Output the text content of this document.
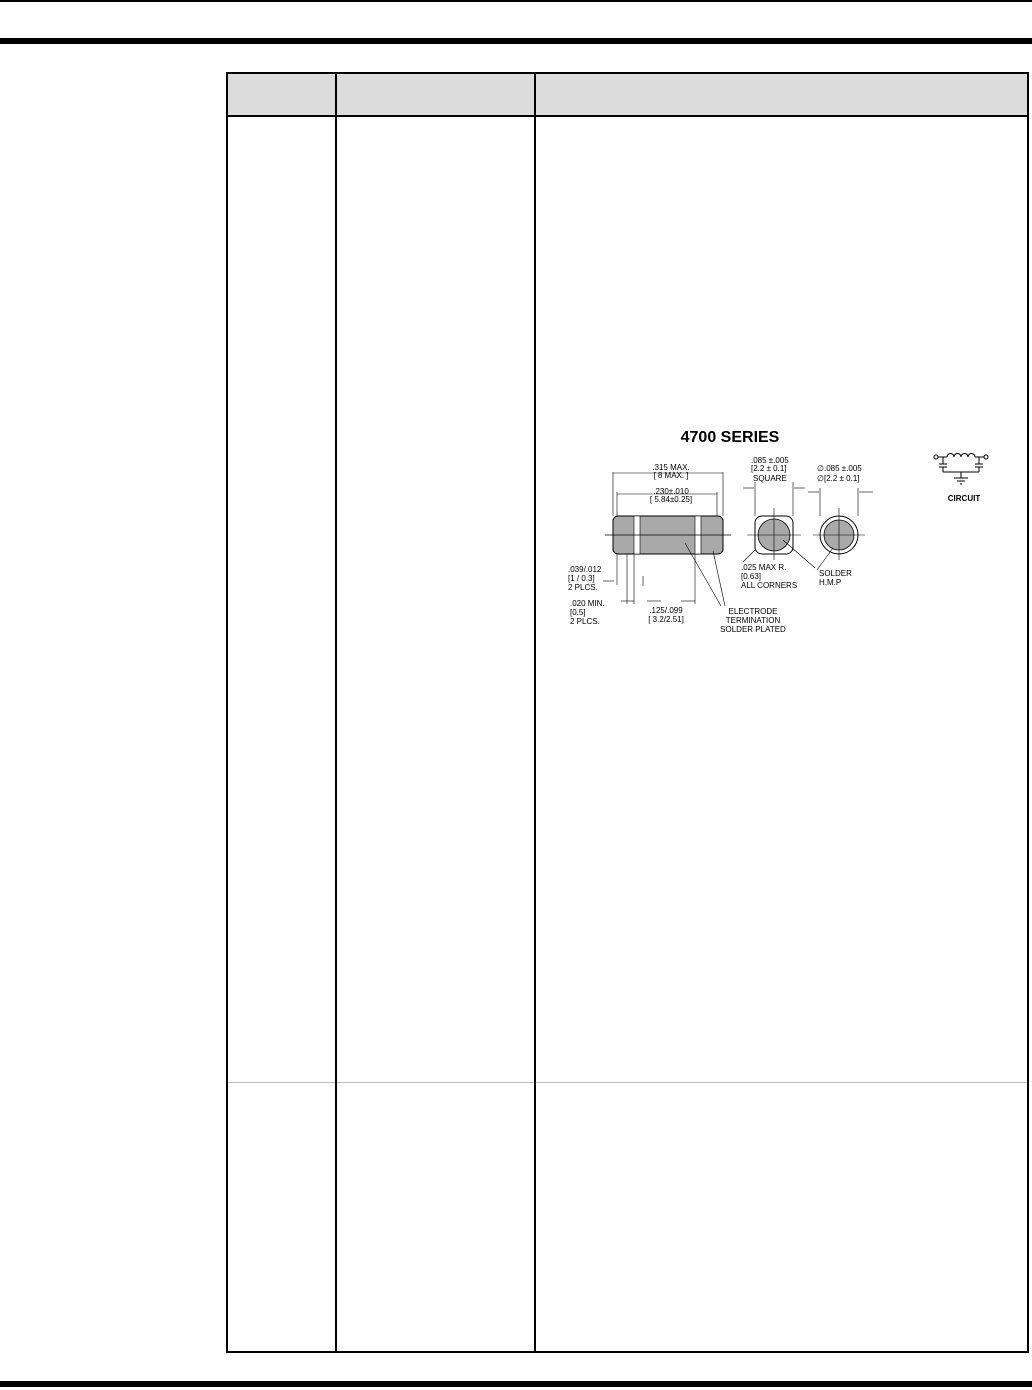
4700 SERIES
.315 MAX.
[ 8 MAX. ]
.230±.010
[ 5.84±0.25]
.085 ±.005
[2.2 ± 0.1]
SQUARE
∅.085 ±.005
∅[2.2 ± 0.1]
.039/.012
[1 / 0.3]
2 PLCS.
.025 MAX R.
[0.63]
ALL CORNERS
SOLDER
H.M.P
.020 MIN.
[0.5]
2 PLCS.
.125/.099
[ 3.2/2.51]
ELECTRODE
TERMINATION
SOLDER PLATED
CIRCUIT
